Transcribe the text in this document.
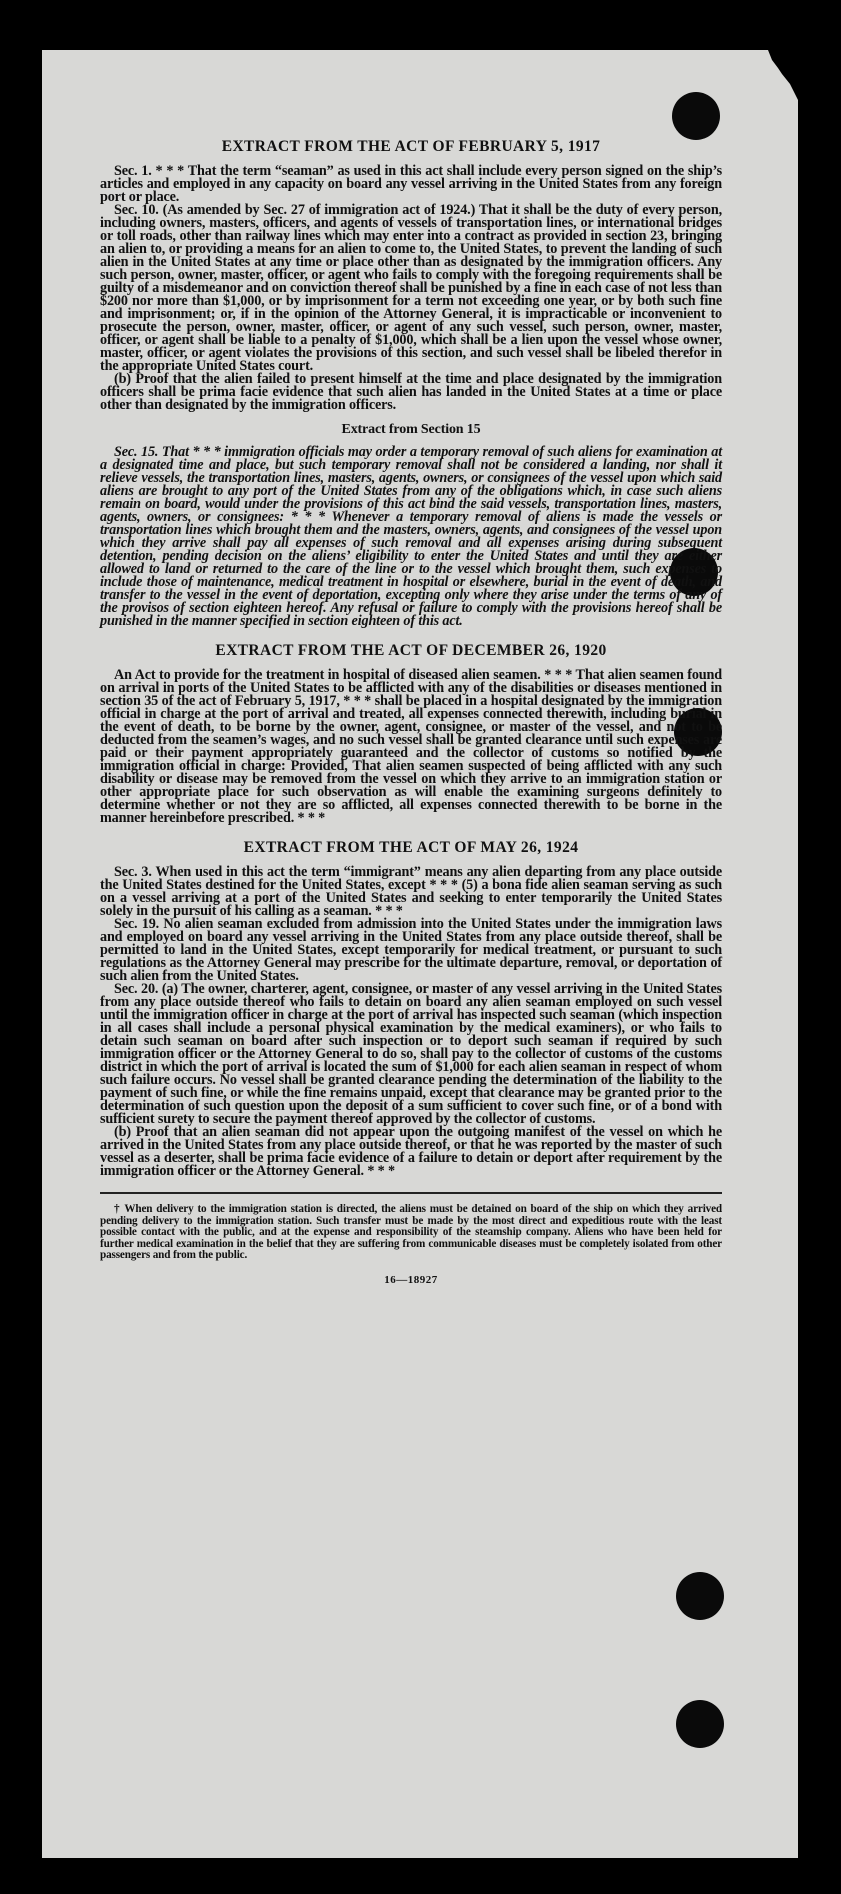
EXTRACT FROM THE ACT OF FEBRUARY 5, 1917

Sec. 1. * * * That the term “seaman” as used in this act shall include every person signed on the ship’s articles and employed in any capacity on board any vessel arriving in the United States from any foreign port or place.

Sec. 10. (As amended by Sec. 27 of immigration act of 1924.) That it shall be the duty of every person, including owners, masters, officers, and agents of vessels of transportation lines, or international bridges or toll roads, other than railway lines which may enter into a contract as provided in section 23, bringing an alien to, or providing a means for an alien to come to, the United States, to prevent the landing of such alien in the United States at any time or place other than as designated by the immigration officers. Any such person, owner, master, officer, or agent who fails to comply with the foregoing requirements shall be guilty of a misdemeanor and on conviction thereof shall be punished by a fine in each case of not less than $200 nor more than $1,000, or by imprisonment for a term not exceeding one year, or by both such fine and imprisonment; or, if in the opinion of the Attorney General, it is impracticable or inconvenient to prosecute the person, owner, master, officer, or agent of any such vessel, such person, owner, master, officer, or agent shall be liable to a penalty of $1,000, which shall be a lien upon the vessel whose owner, master, officer, or agent violates the provisions of this section, and such vessel shall be libeled therefor in the appropriate United States court.

(b) Proof that the alien failed to present himself at the time and place designated by the immigration officers shall be prima facie evidence that such alien has landed in the United States at a time or place other than designated by the immigration officers.

Extract from Section 15

Sec. 15. That * * * immigration officials may order a temporary removal of such aliens for examination at a designated time and place, but such temporary removal shall not be considered a landing, nor shall it relieve vessels, the transportation lines, masters, agents, owners, or consignees of the vessel upon which said aliens are brought to any port of the United States from any of the obligations which, in case such aliens remain on board, would under the provisions of this act bind the said vessels, transportation lines, masters, agents, owners, or consignees: * * * Whenever a temporary removal of aliens is made the vessels or transportation lines which brought them and the masters, owners, agents, and consignees of the vessel upon which they arrive shall pay all expenses of such removal and all expenses arising during subsequent detention, pending decision on the aliens’ eligibility to enter the United States and until they are either allowed to land or returned to the care of the line or to the vessel which brought them, such expenses to include those of maintenance, medical treatment in hospital or elsewhere, burial in the event of death, and transfer to the vessel in the event of deportation, excepting only where they arise under the terms of any of the provisos of section eighteen hereof. Any refusal or failure to comply with the provisions hereof shall be punished in the manner specified in section eighteen of this act.

EXTRACT FROM THE ACT OF DECEMBER 26, 1920

An Act to provide for the treatment in hospital of diseased alien seamen. * * * That alien seamen found on arrival in ports of the United States to be afflicted with any of the disabilities or diseases mentioned in section 35 of the act of February 5, 1917, * * * shall be placed in a hospital designated by the immigration official in charge at the port of arrival and treated, all expenses connected therewith, including burial in the event of death, to be borne by the owner, agent, consignee, or master of the vessel, and not to be deducted from the seamen’s wages, and no such vessel shall be granted clearance until such expenses are paid or their payment appropriately guaranteed and the collector of customs so notified by the immigration official in charge: Provided, That alien seamen suspected of being afflicted with any such disability or disease may be removed from the vessel on which they arrive to an immigration station or other appropriate place for such observation as will enable the examining surgeons definitely to determine whether or not they are so afflicted, all expenses connected therewith to be borne in the manner hereinbefore prescribed. * * *

EXTRACT FROM THE ACT OF MAY 26, 1924

Sec. 3. When used in this act the term “immigrant” means any alien departing from any place outside the United States destined for the United States, except * * * (5) a bona fide alien seaman serving as such on a vessel arriving at a port of the United States and seeking to enter temporarily the United States solely in the pursuit of his calling as a seaman. * * *

Sec. 19. No alien seaman excluded from admission into the United States under the immigration laws and employed on board any vessel arriving in the United States from any place outside thereof, shall be permitted to land in the United States, except temporarily for medical treatment, or pursuant to such regulations as the Attorney General may prescribe for the ultimate departure, removal, or deportation of such alien from the United States.

Sec. 20. (a) The owner, charterer, agent, consignee, or master of any vessel arriving in the United States from any place outside thereof who fails to detain on board any alien seaman employed on such vessel until the immigration officer in charge at the port of arrival has inspected such seaman (which inspection in all cases shall include a personal physical examination by the medical examiners), or who fails to detain such seaman on board after such inspection or to deport such seaman if required by such immigration officer or the Attorney General to do so, shall pay to the collector of customs of the customs district in which the port of arrival is located the sum of $1,000 for each alien seaman in respect of whom such failure occurs. No vessel shall be granted clearance pending the determination of the liability to the payment of such fine, or while the fine remains unpaid, except that clearance may be granted prior to the determination of such question upon the deposit of a sum sufficient to cover such fine, or of a bond with sufficient surety to secure the payment thereof approved by the collector of customs.

(b) Proof that an alien seaman did not appear upon the outgoing manifest of the vessel on which he arrived in the United States from any place outside thereof, or that he was reported by the master of such vessel as a deserter, shall be prima facie evidence of a failure to detain or deport after requirement by the immigration officer or the Attorney General. * * *

† When delivery to the immigration station is directed, the aliens must be detained on board of the ship on which they arrived pending delivery to the immigration station. Such transfer must be made by the most direct and expeditious route with the least possible contact with the public, and at the expense and responsibility of the steamship company. Aliens who have been held for further medical examination in the belief that they are suffering from communicable diseases must be completely isolated from other passengers and from the public.
16—18927
